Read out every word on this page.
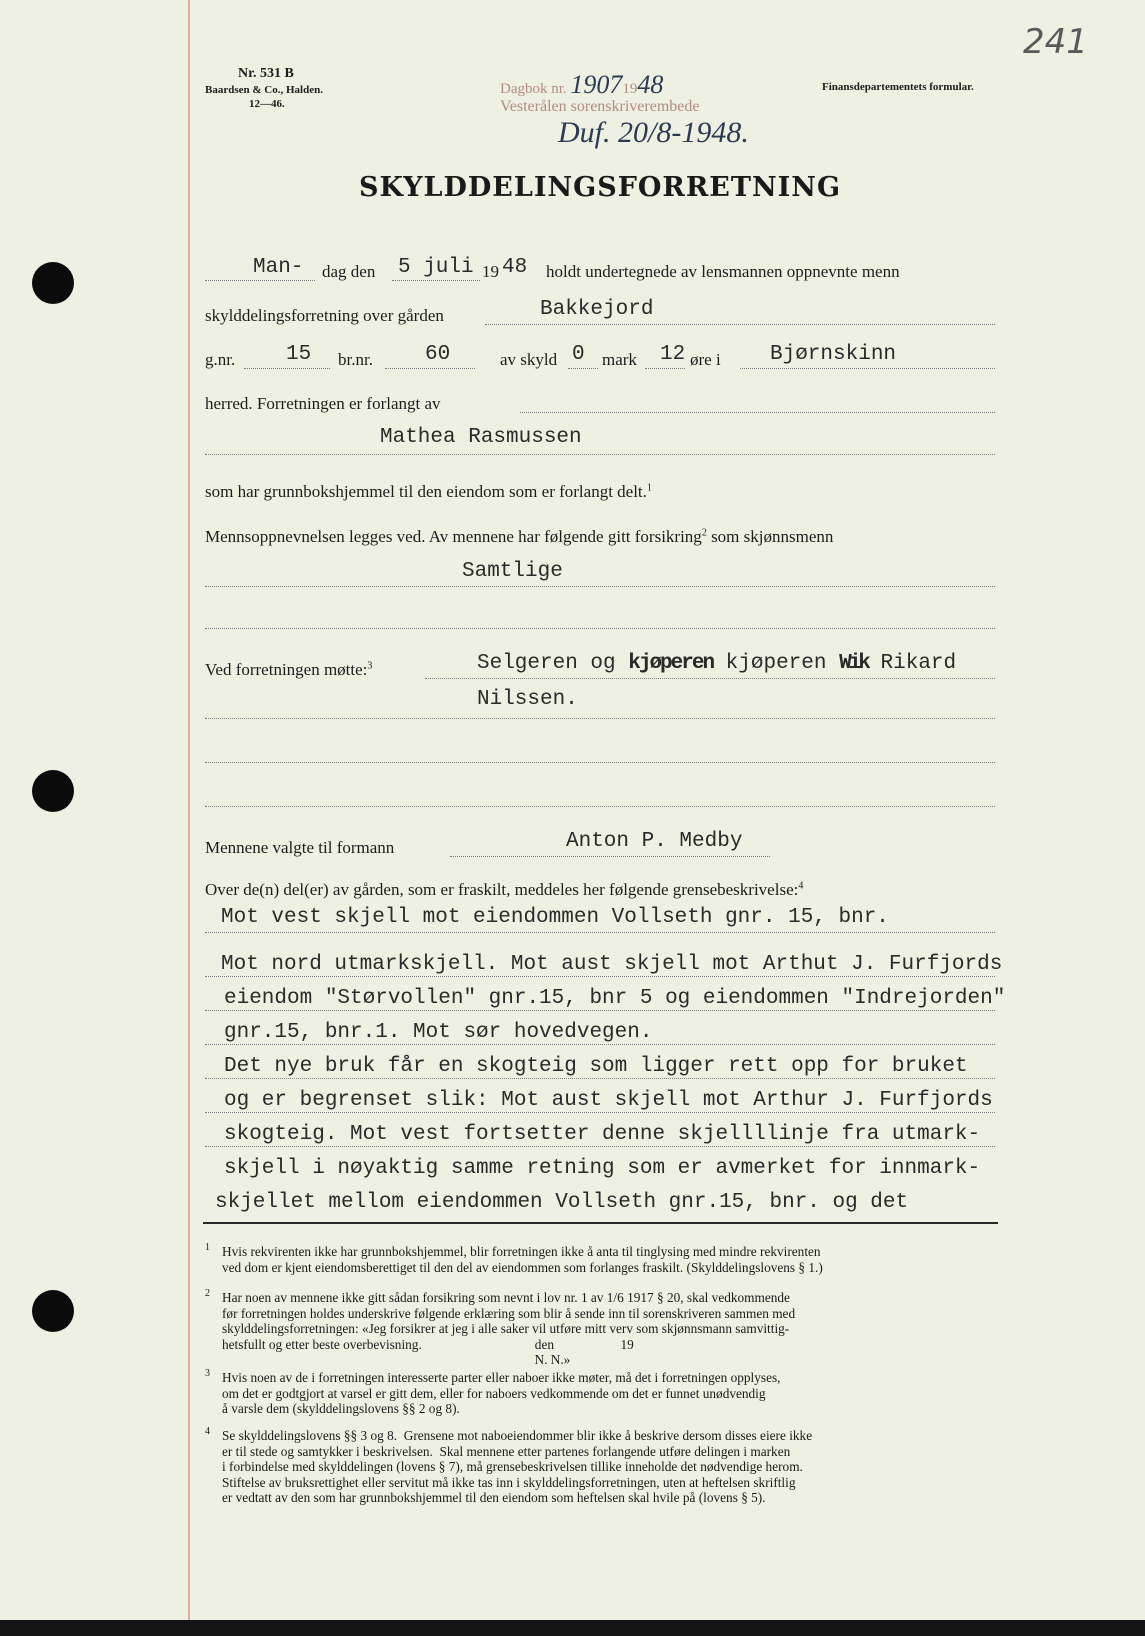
Nr. 531 B
Baardsen & Co., Halden.
12—46.
Finansdepartementets formular.
241
Dagbok nr. 19071948
Vesterålen sorenskriverembede
Duf. 20/8-1948.
SKYLDDELINGSFORRETNING
Man- dag den 5 juli 19 48 holdt undertegnede av lensmannen oppnevnte menn
skylddelingsforretning over gården	Bakkejord
g.nr. 15 br.nr. 60	av skyld 0 mark 12 øre i Bjørnskinn
herred. Forretningen er forlangt av
Mathea Rasmussen
som har grunnbokshjemmel til den eiendom som er forlangt delt.$^1$
Mennsoppnevnelsen legges ved. Av mennene har følgende gitt forsikring$^2$ som skjønnsmenn
Samtlige
Ved forretningen møtte:$^3$	Selgeren og kjøperen kjøperen Wik Rikard
Nilssen.
Mennene valgte til formann	Anton P. Medby
Over de(n) del(er) av gården, som er fraskilt, meddeles her følgende grensebeskrivelse:$^4$
Mot vest skjell mot eiendommen Vollseth gnr. 15, bnr.
Mot nord utmarkskjell. Mot aust skjell mot Arthut J. Furfjords
eiendom "Størvollen" gnr.15, bnr 5 og eiendommen "Indrejorden"
gnr.15, bnr.1. Mot sør hovedvegen.
Det nye bruk får en skogteig som ligger rett opp for bruket
og er begrenset slik: Mot aust skjell mot Arthur J. Furfjords
skogteig. Mot vest fortsetter denne skjellllinje fra utmark-
skjell i nøyaktig samme retning som er avmerket for innmark-
skjellet mellom eiendommen Vollseth gnr.15, bnr. og det
1 Hvis rekvirenten ikke har grunnbokshjemmel, blir forretningen ikke å anta til tinglysing med mindre rekvirenten
ved dom er kjent eiendomsberettiget til den del av eiendommen som forlanges fraskilt. (Skylddelingslovens § 1.)
2 Har noen av mennene ikke gitt sådan forsikring som nevnt i lov nr. 1 av 1/6 1917 § 20, skal vedkommende
før forretningen holdes underskrive følgende erklæring som blir å sende inn til sorenskriveren sammen med
skylddelingsforretningen: «Jeg forsikrer at jeg i alle saker vil utføre mitt verv som skjønnsmann samvittig-
hetsfullt og etter beste overbevisning.                                  den                    19
N. N.»
3 Hvis noen av de i forretningen interesserte parter eller naboer ikke møter, må det i forretningen opplyses,
om det er godtgjort at varsel er gitt dem, eller for naboers vedkommende om det er funnet unødvendig
å varsle dem (skylddelingslovens §§ 2 og 8).
4 Se skylddelingslovens §§ 3 og 8.  Grensene mot naboeiendommer blir ikke å beskrive dersom disses eiere ikke
er til stede og samtykker i beskrivelsen.  Skal mennene etter partenes forlangende utføre delingen i marken
i forbindelse med skylddelingen (lovens § 7), må grensebeskrivelsen tillike inneholde det nødvendige herom.
Stiftelse av bruksrettighet eller servitut må ikke tas inn i skylddelingsforretningen, uten at heftelsen skriftlig
er vedtatt av den som har grunnbokshjemmel til den eiendom som heftelsen skal hvile på (lovens § 5).
